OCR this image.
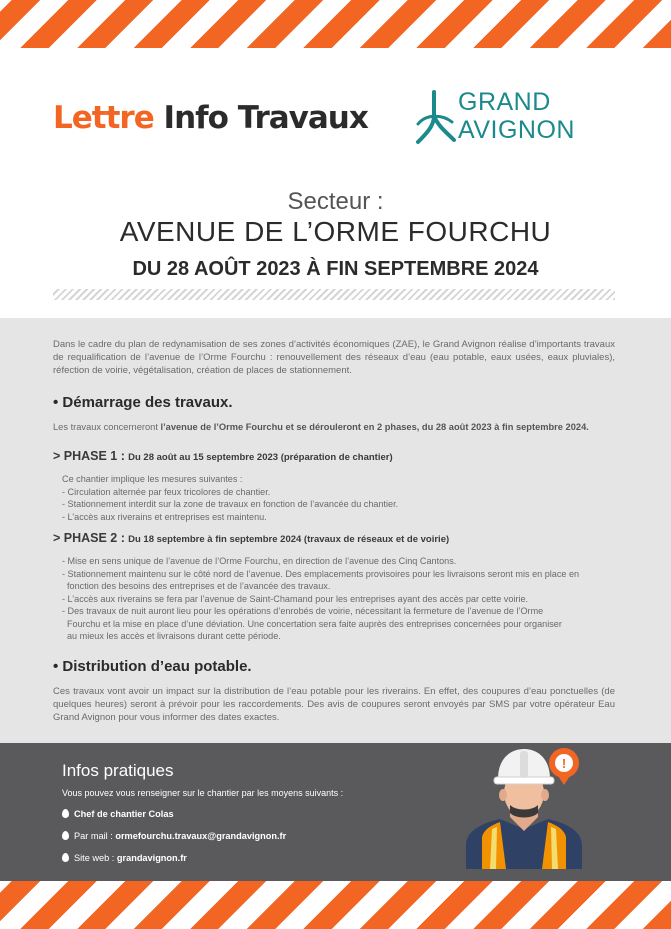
Lettre Info Travaux	GRAND
AVIGNON
Secteur :
AVENUE DE L’ORME FOURCHU
DU 28 AOÛT 2023 À FIN SEPTEMBRE 2024
Dans le cadre du plan de redynamisation de ses zones d’activités économiques (ZAE), le Grand Avignon réalise d’importants travaux de requalification de l’avenue de l’Orme Fourchu : renouvellement des réseaux d’eau (eau potable, eaux usées, eaux pluviales), réfection de voirie, végétalisation, création de places de stationnement.
• Démarrage des travaux.
Les travaux concerneront l’avenue de l’Orme Fourchu et se dérouleront en 2 phases, du 28 août 2023 à fin septembre 2024.
> PHASE 1 : Du 28 août au 15 septembre 2023 (préparation de chantier)
Ce chantier implique les mesures suivantes :
- Circulation alternée par feux tricolores de chantier.
- Stationnement interdit sur la zone de travaux en fonction de l’avancée du chantier.
- L’accès aux riverains et entreprises est maintenu.
> PHASE 2 : Du 18 septembre à fin septembre 2024 (travaux de réseaux et de voirie)
- Mise en sens unique de l’avenue de l’Orme Fourchu, en direction de l’avenue des Cinq Cantons.
- Stationnement maintenu sur le côté nord de l’avenue. Des emplacements provisoires pour les livraisons seront mis en place en
fonction des besoins des entreprises et de l’avancée des travaux.
- L’accès aux riverains se fera par l’avenue de Saint-Chamand pour les entreprises ayant des accès par cette voirie.
- Des travaux de nuit auront lieu pour les opérations d’enrobés de voirie, nécessitant la fermeture de l’avenue de l’Orme
Fourchu et la mise en place d’une déviation. Une concertation sera faite auprès des entreprises concernées pour organiser
au mieux les accès et livraisons durant cette période.
• Distribution d’eau potable.
Ces travaux vont avoir un impact sur la distribution de l’eau potable pour les riverains. En effet, des coupures d’eau ponctuelles (de quelques heures) seront à prévoir pour les raccordements. Des avis de coupures seront envoyés par SMS par votre opérateur Eau Grand Avignon pour vous informer des dates exactes.
Infos pratiques
Vous pouvez vous renseigner sur le chantier par les moyens suivants :
Chef de chantier Colas
Par mail : ormefourchu.travaux@grandavignon.fr
Site web : grandavignon.fr
!
